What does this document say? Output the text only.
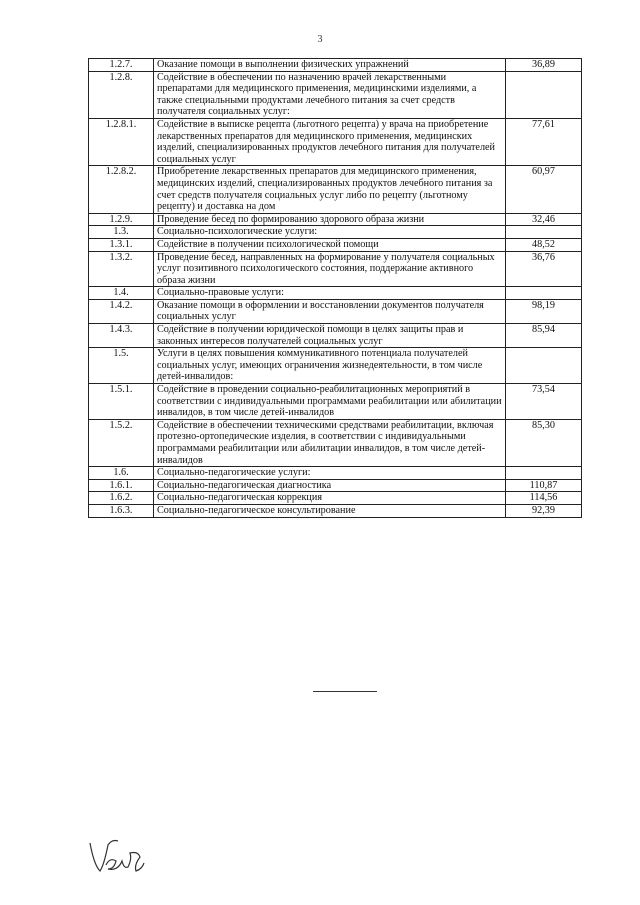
3
1.2.7.	Оказание помощи в выполнении физических упражнений	36,89
1.2.8.	Содействие в обеспечении по назначению врачей лекарственными препаратами для медицинского применения, медицинскими изделиями, а также специальными продуктами лечебного питания за счет средств получателя социальных услуг:	
1.2.8.1.	Содействие в выписке рецепта (льготного рецепта) у врача на приобретение лекарственных препаратов для медицинского применения, медицинских изделий, специализированных продуктов лечебного питания для получателей социальных услуг	77,61
1.2.8.2.	Приобретение лекарственных препаратов для медицинского применения, медицинских изделий, специализированных продуктов лечебного питания за счет средств получателя социальных услуг либо по рецепту (льготному рецепту) и доставка на дом	60,97
1.2.9.	Проведение бесед по формированию здорового образа жизни	32,46
1.3.	Социально-психологические услуги:	
1.3.1.	Содействие в получении психологической помощи	48,52
1.3.2.	Проведение бесед, направленных на формирование у получателя социальных услуг позитивного психологического состояния, поддержание активного образа жизни	36,76
1.4.	Социально-правовые услуги:	
1.4.2.	Оказание помощи в оформлении и восстановлении документов получателя социальных услуг	98,19
1.4.3.	Содействие в получении юридической помощи в целях защиты прав и законных интересов получателей социальных услуг	85,94
1.5.	Услуги в целях повышения коммуникативного потенциала получателей социальных услуг, имеющих ограничения жизнедеятельности, в том числе детей-инвалидов:	
1.5.1.	Содействие в проведении социально-реабилитационных мероприятий в соответствии с индивидуальными программами реабилитации или абилитации инвалидов, в том числе детей-инвалидов	73,54
1.5.2.	Содействие в обеспечении техническими средствами реабилитации, включая протезно-ортопедические изделия, в соответствии с индивидуальными программами реабилитации или абилитации инвалидов, в том числе детей-инвалидов	85,30
1.6.	Социально-педагогические услуги:	
1.6.1.	Социально-педагогическая диагностика	110,87
1.6.2.	Социально-педагогическая коррекция	114,56
1.6.3.	Социально-педагогическое консультирование	92,39
